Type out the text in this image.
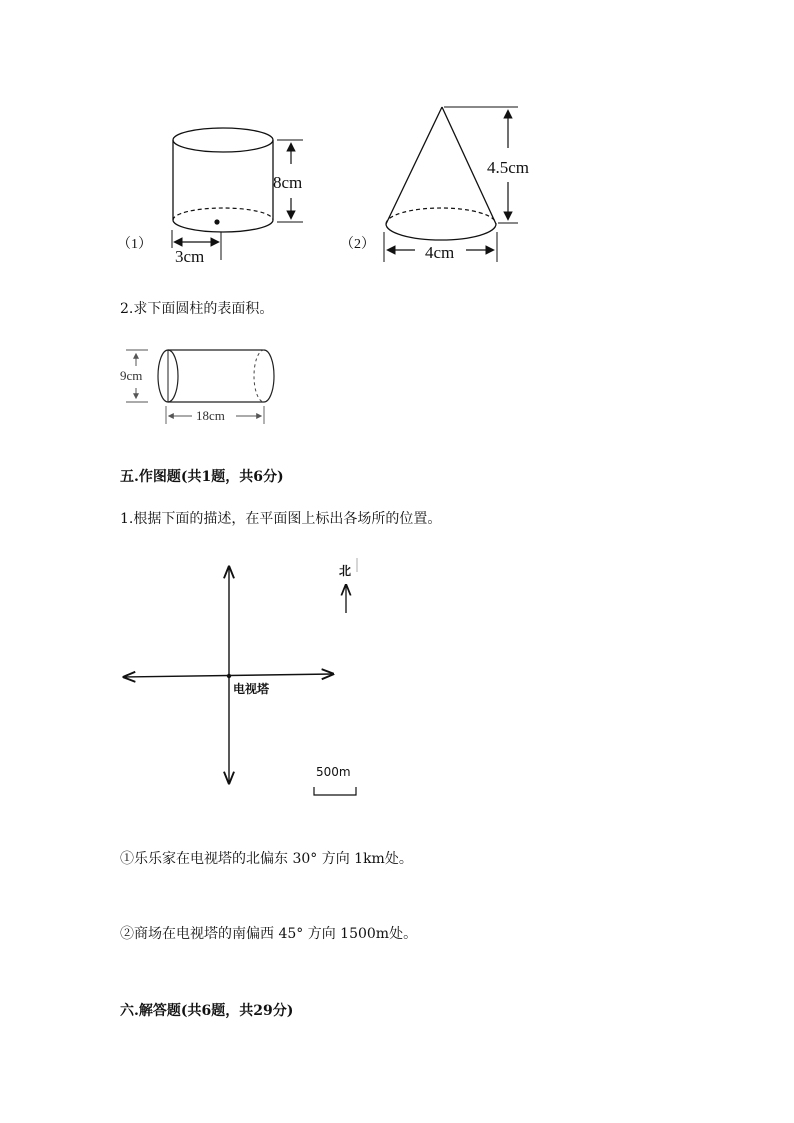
8cm
3cm
（1）
4.5cm
4cm
（2）
2.求下面圆柱的表面积。
9cm
18cm
五.作图题(共1题，共6分)
1.根据下面的描述，在平面图上标出各场所的位置。
北
电视塔
500m
①乐乐家在电视塔的北偏东 30° 方向 1km处。
②商场在电视塔的南偏西 45° 方向 1500m处。
六.解答题(共6题，共29分)
